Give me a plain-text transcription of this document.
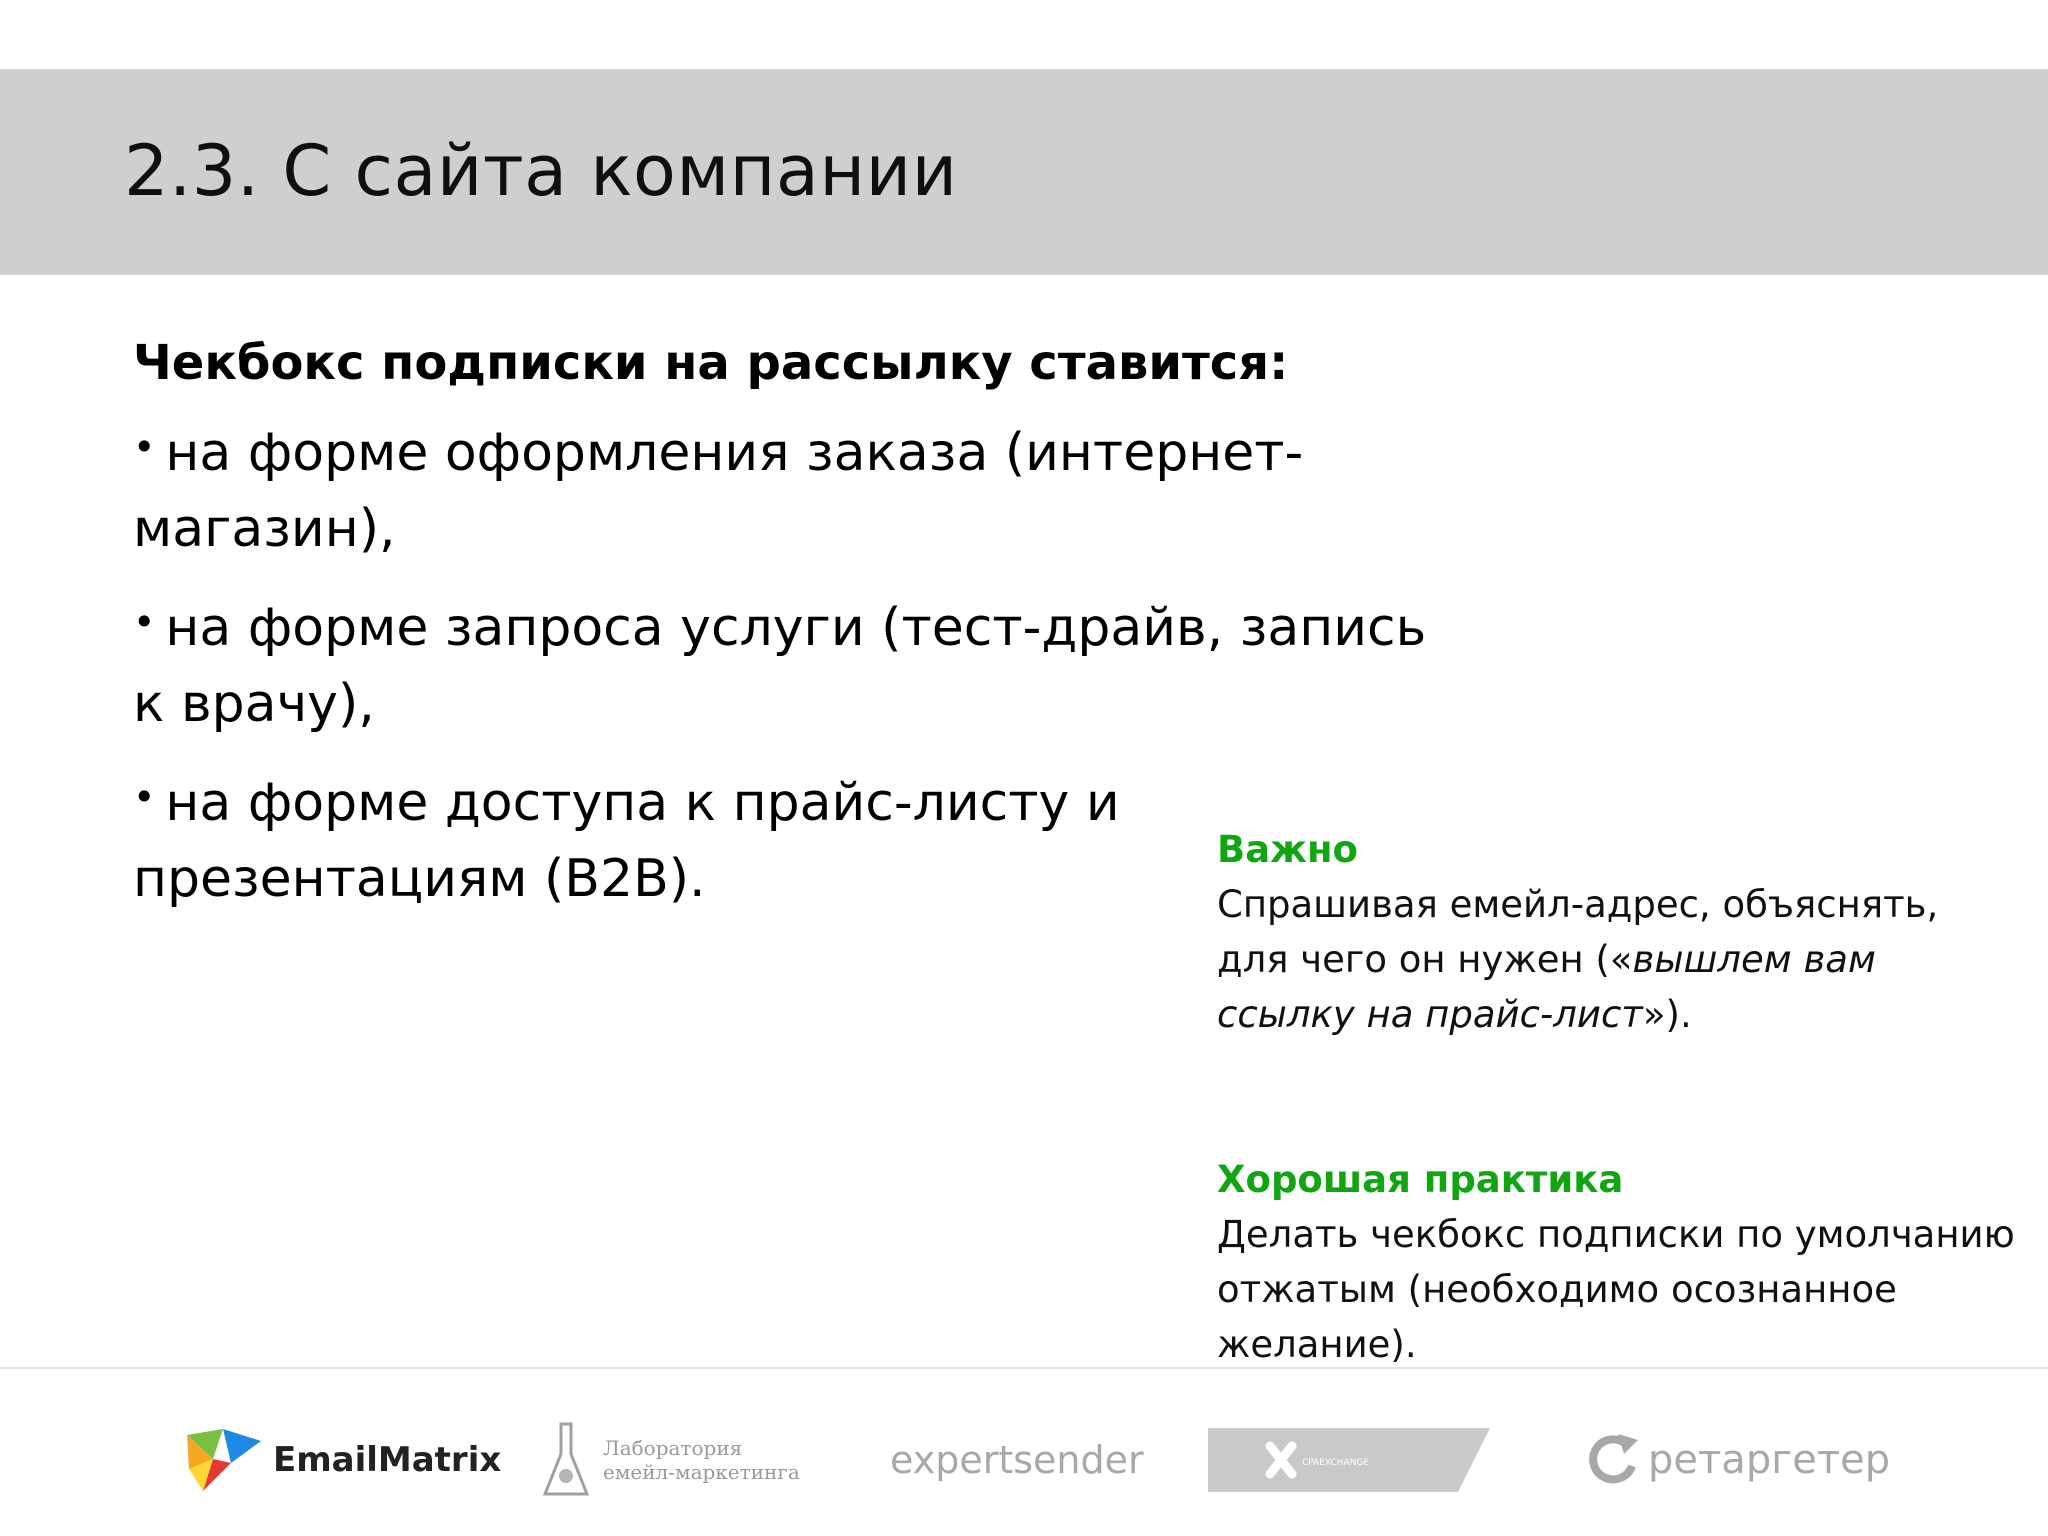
2.3. С сайта компании
Чекбокс подписки на рассылку ставится:
• на форме оформления заказа (интернет-магазин),
• на форме запроса услуги (тест-драйв, запись к врачу),
• на форме доступа к прайс-листу и презентациям (B2B).	Важно

Спрашивая емейл-адрес, объяснять, для чего он нужен («вышлем вам ссылку на прайс-лист»).

Хорошая практика

Делать чекбокс подписки по умолчанию отжатым (необходимо осознанное желание).

EmailMatrix	Лаборатория
емейл-маркетинга expertsender	CPAEXCHANGE	ретаргетер
